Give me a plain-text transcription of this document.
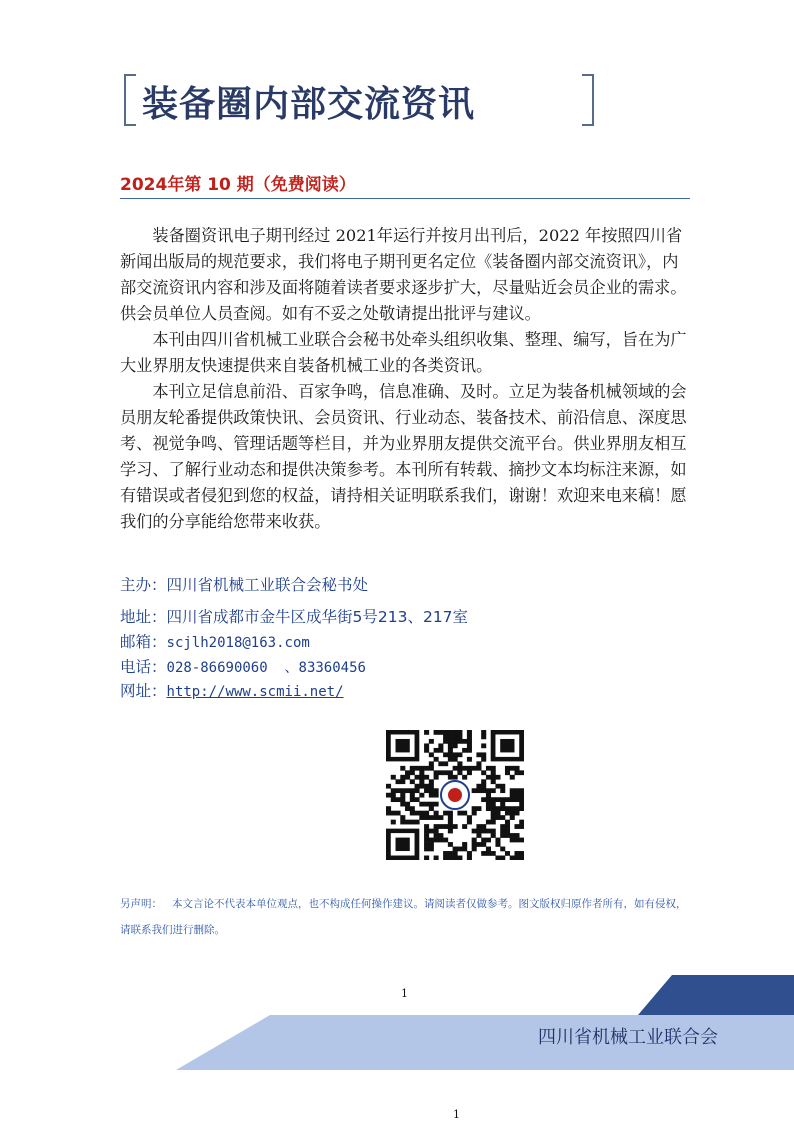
装备圈内部交流资讯
2024年第 10 期（免费阅读）

装备圈资讯电子期刊经过 2021年运行并按月出刊后，2022 年按照四川省新闻出版局的规范要求，我们将电子期刊更名定位《装备圈内部交流资讯》，内部交流资讯内容和涉及面将随着读者要求逐步扩大，尽量贴近会员企业的需求。供会员单位人员查阅。如有不妥之处敬请提出批评与建议。

本刊由四川省机械工业联合会秘书处牵头组织收集、整理、编写，旨在为广大业界朋友快速提供来自装备机械工业的各类资讯。

本刊立足信息前沿、百家争鸣，信息准确、及时。立足为装备机械领域的会员朋友轮番提供政策快讯、会员资讯、行业动态、装备技术、前沿信息、深度思考、视觉争鸣、管理话题等栏目，并为业界朋友提供交流平台。供业界朋友相互学习、了解行业动态和提供决策参考。本刊所有转载、摘抄文本均标注来源，如有错误或者侵犯到您的权益，请持相关证明联系我们，谢谢！欢迎来电来稿！愿我们的分享能给您带来收获。

主办：四川省机械工业联合会秘书处
地址：四川省成都市金牛区成华街5号213、217室
邮箱：scjlh2018@163.com
电话：028-86690060  、83360456
网址：http://www.scmii.net/
另声明： 本文言论不代表本单位观点，也不构成任何操作建议。请阅读者仅做参考。图文版权归原作者所有，如有侵权，请联系我们进行删除。
1
四川省机械工业联合会
1
